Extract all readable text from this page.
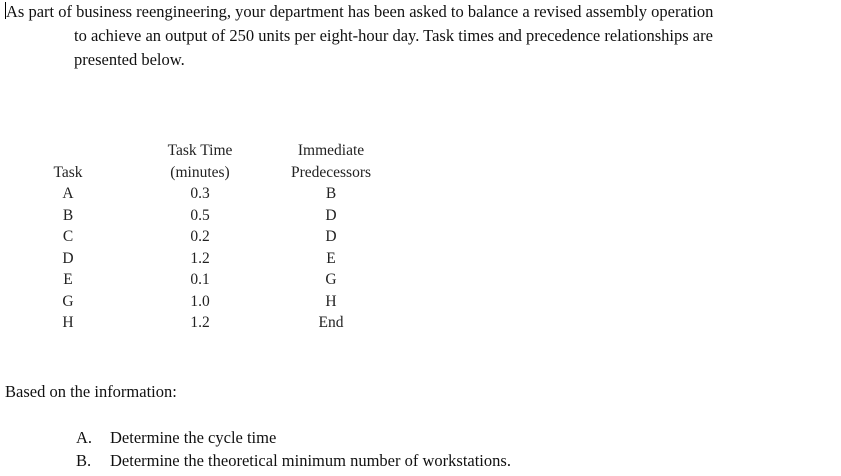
As part of business reengineering, your department has been asked to balance a revised assembly operation
to achieve an output of 250 units per eight-hour day. Task times and precedence relationships are
presented below.
Task
A
B
C
D
E
G
H
Task Time
(minutes)
0.3
0.5
0.2
1.2
0.1
1.0
1.2
Immediate
Predecessors
B
D
D
E
G
H
End
Based on the information:
A. Determine the cycle time
B. Determine the theoretical minimum number of workstations.
